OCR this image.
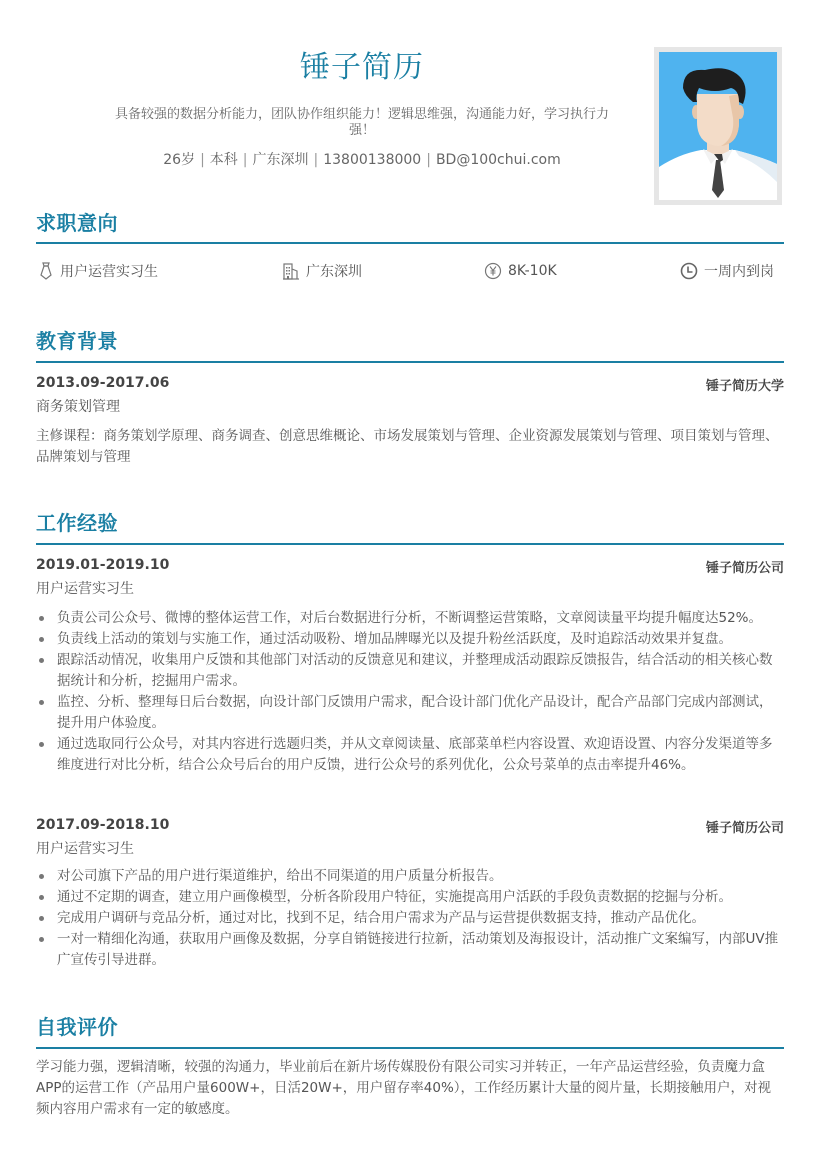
锤子简历
具备较强的数据分析能力，团队协作组织能力！逻辑思维强，沟通能力好，学习执行力强！
26岁 | 本科 | 广东深圳 | 13800138000 | BD@100chui.com
求职意向
用户运营实习生	广东深圳	8K-10K	一周内到岗
教育背景
2013.09-2017.06	锤子简历大学
商务策划管理
主修课程：商务策划学原理、商务调查、创意思维概论、市场发展策划与管理、企业资源发展策划与管理、项目策划与管理、品牌策划与管理
工作经验
2019.01-2019.10	锤子简历公司
用户运营实习生
负责公司公众号、微博的整体运营工作，对后台数据进行分析，不断调整运营策略，文章阅读量平均提升幅度达52%。
负责线上活动的策划与实施工作，通过活动吸粉、增加品牌曝光以及提升粉丝活跃度，及时追踪活动效果并复盘。
跟踪活动情况，收集用户反馈和其他部门对活动的反馈意见和建议，并整理成活动跟踪反馈报告，结合活动的相关核心数据统计和分析，挖掘用户需求。
监控、分析、整理每日后台数据，向设计部门反馈用户需求，配合设计部门优化产品设计，配合产品部门完成内部测试，提升用户体验度。
通过选取同行公众号，对其内容进行选题归类，并从文章阅读量、底部菜单栏内容设置、欢迎语设置、内容分发渠道等多维度进行对比分析，结合公众号后台的用户反馈，进行公众号的系列优化，公众号菜单的点击率提升46%。
2017.09-2018.10	锤子简历公司
用户运营实习生
对公司旗下产品的用户进行渠道维护，给出不同渠道的用户质量分析报告。
通过不定期的调查，建立用户画像模型，分析各阶段用户特征，实施提高用户活跃的手段负责数据的挖掘与分析。
完成用户调研与竞品分析，通过对比，找到不足，结合用户需求为产品与运营提供数据支持，推动产品优化。
一对一精细化沟通，获取用户画像及数据，分享自销链接进行拉新，活动策划及海报设计，活动推广文案编写，内部UV推广宣传引导进群。
自我评价
学习能力强，逻辑清晰，较强的沟通力，毕业前后在新片场传媒股份有限公司实习并转正，一年产品运营经验，负责魔力盒APP的运营工作（产品用户量600W+，日活20W+，用户留存率40%），工作经历累计大量的阅片量，长期接触用户，对视频内容用户需求有一定的敏感度。
